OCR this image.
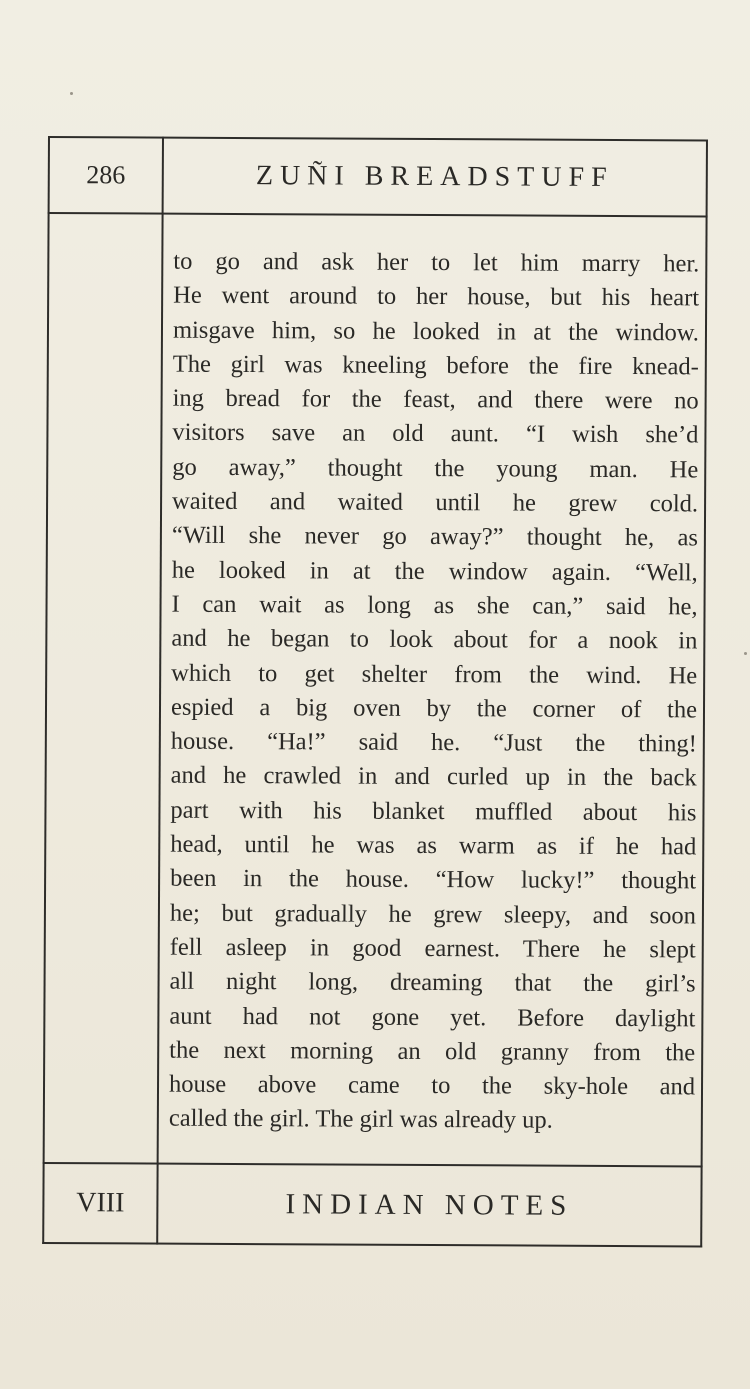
286	ZUÑI BREADSTUFF
to go and ask her to let him marry her.
He went around to her house, but his heart
misgave him, so he looked in at the window.
The girl was kneeling before the fire knead-
ing bread for the feast, and there were no
visitors save an old aunt. “I wish she’d
go away,” thought the young man. He
waited and waited until he grew cold.
“Will she never go away?” thought he, as
he looked in at the window again. “Well,
I can wait as long as she can,” said he,
and he began to look about for a nook in
which to get shelter from the wind. He
espied a big oven by the corner of the
house. “Ha!” said he. “Just the thing!
and he crawled in and curled up in the back
part with his blanket muffled about his
head, until he was as warm as if he had
been in the house. “How lucky!” thought
he; but gradually he grew sleepy, and soon
fell asleep in good earnest. There he slept
all night long, dreaming that the girl’s
aunt had not gone yet. Before daylight
the next morning an old granny from the
house above came to the sky-hole and
called the girl. The girl was already up.
VIII	INDIAN NOTES
